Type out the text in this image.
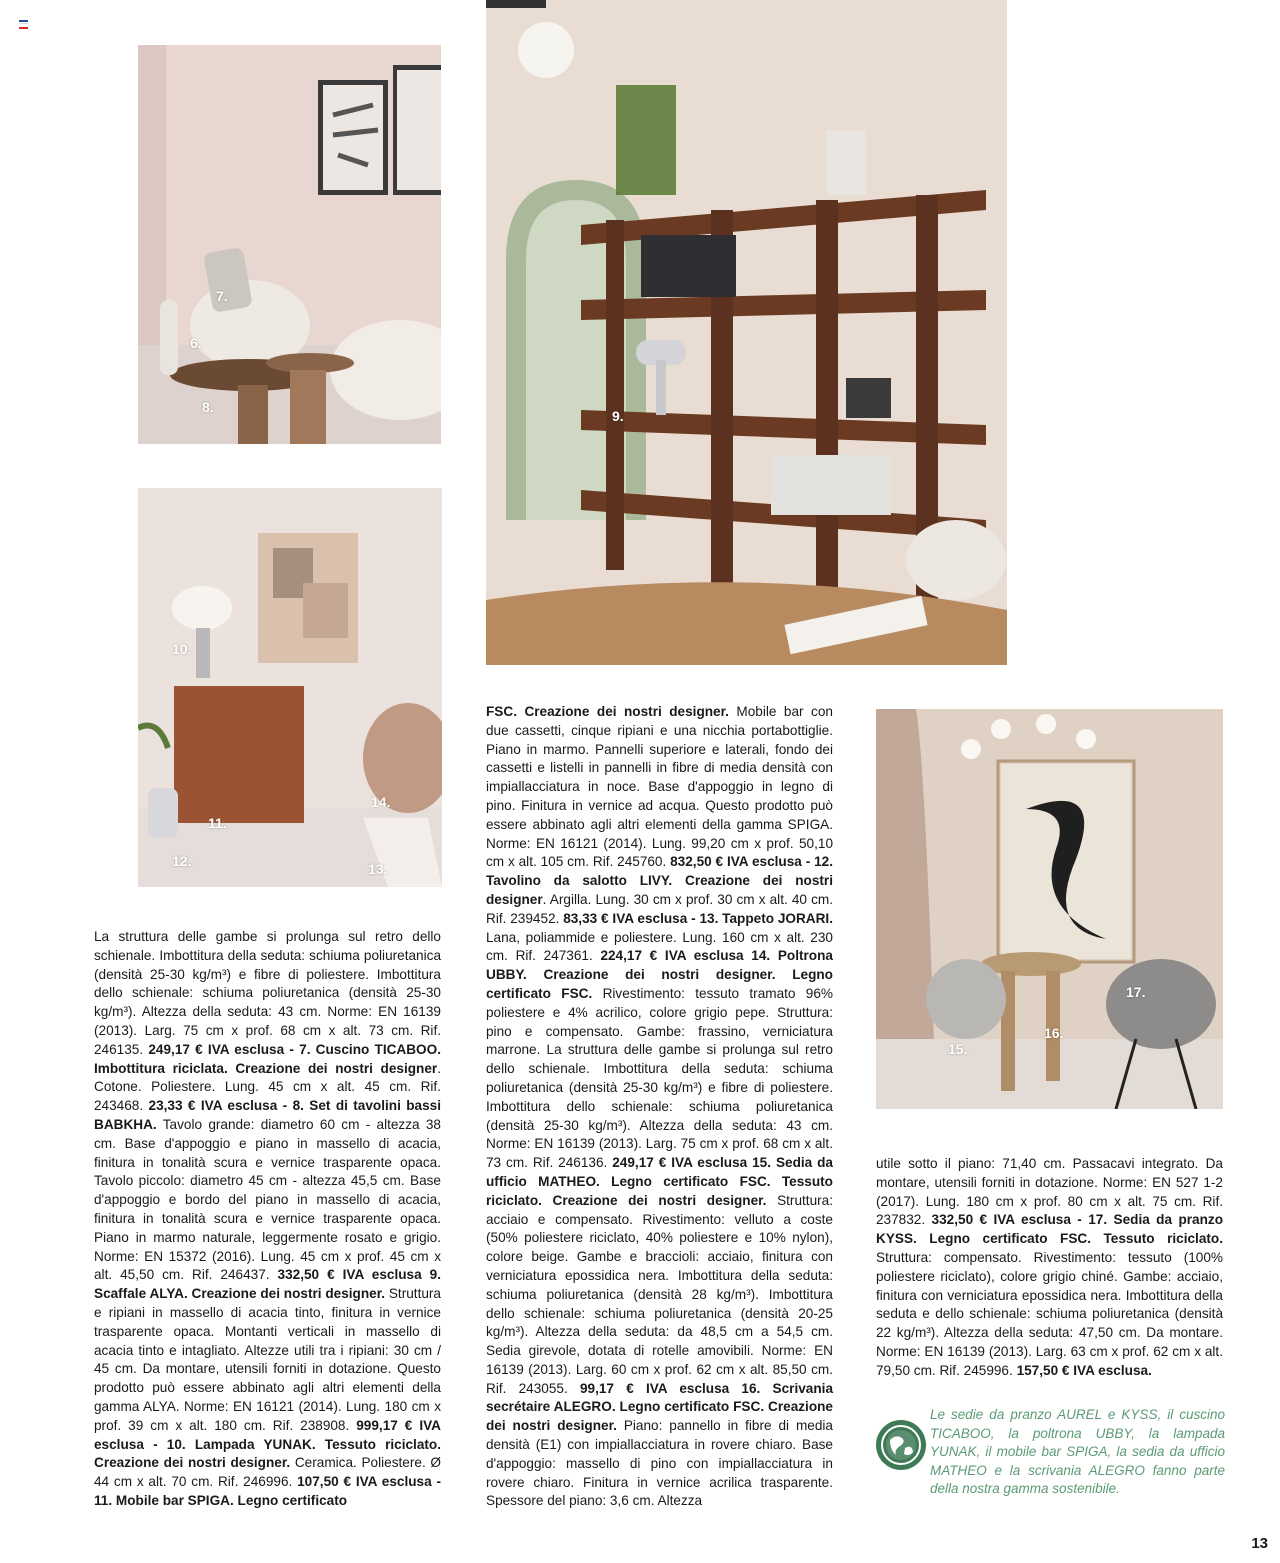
7.
6.
8.
10.
11.
12.	13.
14.
9.
17.
16.
15.
La struttura delle gambe si prolunga sul retro dello schienale. Imbottitura della seduta: schiuma poliuretanica (densità 25-30 kg/m³) e fibre di poliestere. Imbottitura dello schienale: schiuma poliuretanica (densità 25-30 kg/m³). Altezza della seduta: 43 cm. Norme: EN 16139 (2013). Larg. 75 cm x prof. 68 cm x alt. 73 cm. Rif. 246135. 249,17 € IVA esclusa - 7. Cuscino TICABOO. Imbottitura riciclata. Creazione dei nostri designer. Cotone. Poliestere. Lung. 45 cm x alt. 45 cm. Rif. 243468. 23,33 € IVA esclusa - 8. Set di tavolini bassi BABKHA. Tavolo grande: diametro 60 cm - altezza 38 cm. Base d'appoggio e piano in massello di acacia, finitura in tonalità scura e vernice trasparente opaca. Tavolo piccolo: diametro 45 cm - altezza 45,5 cm. Base d'appoggio e bordo del piano in massello di acacia, finitura in tonalità scura e vernice trasparente opaca. Piano in marmo naturale, leggermente rosato e grigio. Norme: EN 15372 (2016). Lung. 45 cm x prof. 45 cm x alt. 45,50 cm. Rif. 246437. 332,50 € IVA esclusa 9. Scaffale ALYA. Creazione dei nostri designer. Struttura e ripiani in massello di acacia tinto, finitura in vernice trasparente opaca. Montanti verticali in massello di acacia tinto e intagliato. Altezze utili tra i ripiani: 30 cm / 45 cm. Da montare, utensili forniti in dotazione. Questo prodotto può essere abbinato agli altri elementi della gamma ALYA. Norme: EN 16121 (2014). Lung. 180 cm x prof. 39 cm x alt. 180 cm. Rif. 238908. 999,17 € IVA esclusa - 10. Lampada YUNAK. Tessuto riciclato. Creazione dei nostri designer. Ceramica. Poliestere. Ø 44 cm x alt. 70 cm. Rif. 246996. 107,50 € IVA esclusa - 11. Mobile bar SPIGA. Legno certificato
FSC. Creazione dei nostri designer. Mobile bar con due cassetti, cinque ripiani e una nicchia portabottiglie. Piano in marmo. Pannelli superiore e laterali, fondo dei cassetti e listelli in pannelli in fibre di media densità con impiallacciatura in noce. Base d'appoggio in legno di pino. Finitura in vernice ad acqua. Questo prodotto può essere abbinato agli altri elementi della gamma SPIGA. Norme: EN 16121 (2014). Lung. 99,20 cm x prof. 50,10 cm x alt. 105 cm. Rif. 245760. 832,50 € IVA esclusa - 12. Tavolino da salotto LIVY. Creazione dei nostri designer. Argilla. Lung. 30 cm x prof. 30 cm x alt. 40 cm. Rif. 239452. 83,33 € IVA esclusa - 13. Tappeto JORARI. Lana, poliammide e poliestere. Lung. 160 cm x alt. 230 cm. Rif. 247361. 224,17 € IVA esclusa 14. Poltrona UBBY. Creazione dei nostri designer. Legno certificato FSC. Rivestimento: tessuto tramato 96% poliestere e 4% acrilico, colore grigio pepe. Struttura: pino e compensato. Gambe: frassino, verniciatura marrone. La struttura delle gambe si prolunga sul retro dello schienale. Imbottitura della seduta: schiuma poliuretanica (densità 25-30 kg/m³) e fibre di poliestere. Imbottitura dello schienale: schiuma poliuretanica (densità 25-30 kg/m³). Altezza della seduta: 43 cm. Norme: EN 16139 (2013). Larg. 75 cm x prof. 68 cm x alt. 73 cm. Rif. 246136. 249,17 € IVA esclusa 15. Sedia da ufficio MATHEO. Legno certificato FSC. Tessuto riciclato. Creazione dei nostri designer. Struttura: acciaio e compensato. Rivestimento: velluto a coste (50% poliestere riciclato, 40% poliestere e 10% nylon), colore beige. Gambe e braccioli: acciaio, finitura con verniciatura epossidica nera. Imbottitura della seduta: schiuma poliuretanica (densità 28 kg/m³). Imbottitura dello schienale: schiuma poliuretanica (densità 20-25 kg/m³). Altezza della seduta: da 48,5 cm a 54,5 cm. Sedia girevole, dotata di rotelle amovibili. Norme: EN 16139 (2013). Larg. 60 cm x prof. 62 cm x alt. 85,50 cm. Rif. 243055. 99,17 € IVA esclusa 16. Scrivania secrétaire ALEGRO. Legno certificato FSC. Creazione dei nostri designer. Piano: pannello in fibre di media densità (E1) con impiallacciatura in rovere chiaro. Base d'appoggio: massello di pino con impiallacciatura in rovere chiaro. Finitura in vernice acrilica trasparente. Spessore del piano: 3,6 cm. Altezza
utile sotto il piano: 71,40 cm. Passacavi integrato. Da montare, utensili forniti in dotazione. Norme: EN 527 1-2 (2017). Lung. 180 cm x prof. 80 cm x alt. 75 cm. Rif. 237832. 332,50 € IVA esclusa - 17. Sedia da pranzo KYSS. Legno certificato FSC. Tessuto riciclato. Struttura: compensato. Rivestimento: tessuto (100% poliestere riciclato), colore grigio chiné. Gambe: acciaio, finitura con verniciatura epossidica nera. Imbottitura della seduta e dello schienale: schiuma poliuretanica (densità 22 kg/m³). Altezza della seduta: 47,50 cm. Da montare. Norme: EN 16139 (2013). Larg. 63 cm x prof. 62 cm x alt. 79,50 cm. Rif. 245996. 157,50 € IVA esclusa.
Le sedie da pranzo AUREL e KYSS, il cuscino TICABOO, la poltrona UBBY, la lampada YUNAK, il mobile bar SPIGA, la sedia da ufficio MATHEO e la scrivania ALEGRO fanno parte della nostra gamma sostenibile.
13
